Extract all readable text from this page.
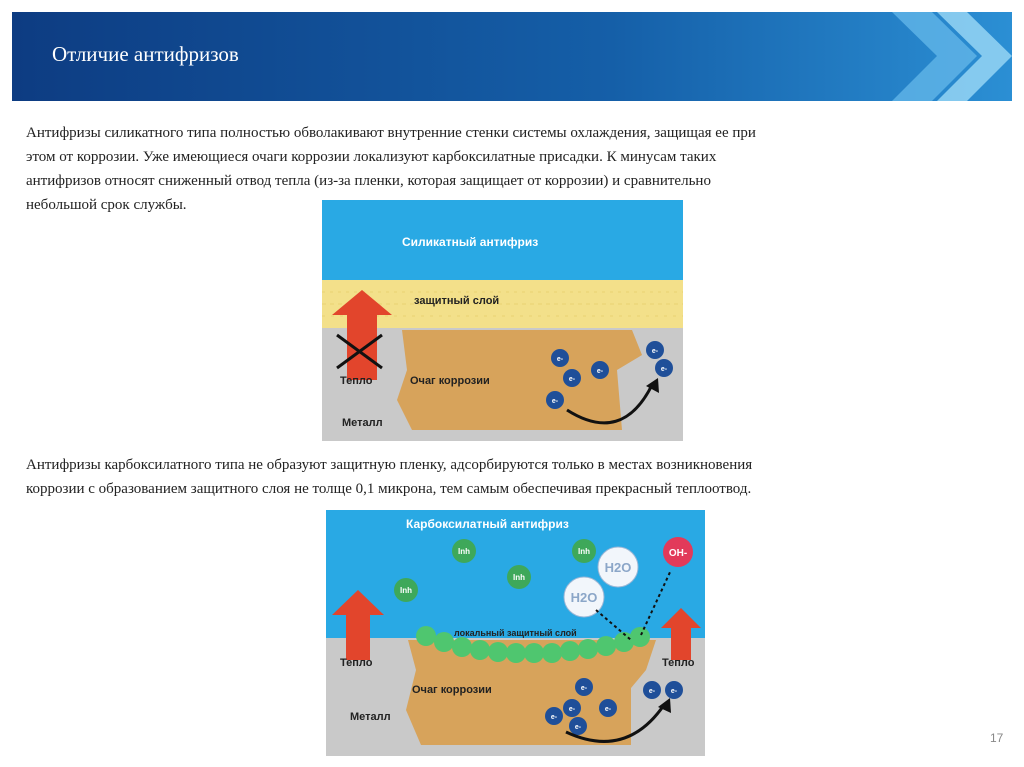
Отличие антифризов
Антифризы силикатного типа полностью обволакивают внутренние стенки системы охлаждения, защищая ее при
этом от коррозии. Уже имеющиеся очаги коррозии локализуют карбоксилатные присадки. К минусам таких
антифризов относят сниженный отвод тепла (из-за пленки, которая защищает от коррозии) и сравнительно
небольшой срок службы.
защитный слой
Силикатный антифриз
Тепло	Очаг коррозии
Металл
e-
e-
e-
e-
e-
e-
Антифризы карбоксилатного типа не образуют защитную пленку, адсорбируются только в местах возникновения
коррозии с образованием защитного слоя не толще 0,1 микрона, тем самым обеспечивая прекрасный теплоотвод.
Карбоксилатный антифриз
локальный защитный слой
Тепло	Тепло
Очаг коррозии
Металл
Inh
Inh
Inh
Inh
H2O
H2O
OH-
e-
e-	e-
e-
e-
e- e-
17
